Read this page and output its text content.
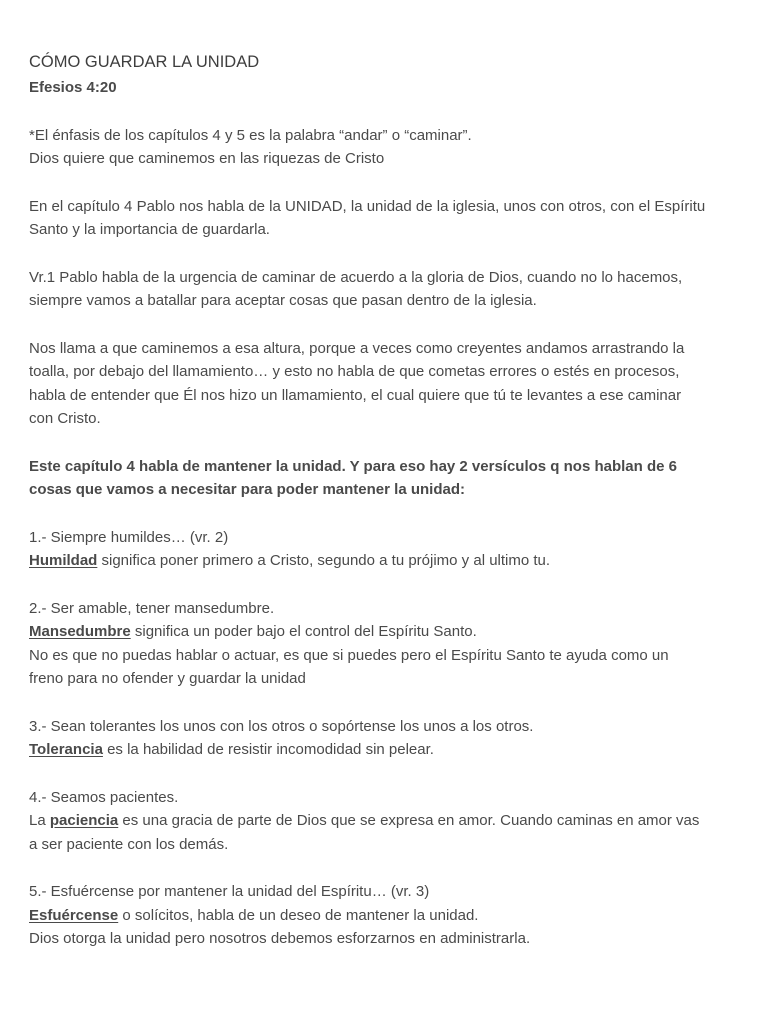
CÓMO GUARDAR LA UNIDAD

Efesios 4:20

*El énfasis de los capítulos 4 y 5 es la palabra “andar” o “caminar”.
Dios quiere que caminemos en las riquezas de Cristo

En el capítulo 4 Pablo nos habla de la UNIDAD, la unidad de la iglesia, unos con otros, con el Espíritu
Santo y la importancia de guardarla.

Vr.1 Pablo habla de la urgencia de caminar de acuerdo a la gloria de Dios, cuando no lo hacemos,
siempre vamos a batallar para aceptar cosas que pasan dentro de la iglesia.

Nos llama a que caminemos a esa altura, porque a veces como creyentes andamos arrastrando la
toalla, por debajo del llamamiento… y esto no habla de que cometas errores o estés en procesos,
habla de entender que Él nos hizo un llamamiento, el cual quiere que tú te levantes a ese caminar
con Cristo.

Este capítulo 4 habla de mantener la unidad. Y para eso hay 2 versículos q nos hablan de 6
cosas que vamos a necesitar para poder mantener la unidad:

1.- Siempre humildes… (vr. 2)
Humildad significa poner primero a Cristo, segundo a tu prójimo y al ultimo tu.
2.- Ser amable, tener mansedumbre.
Mansedumbre significa un poder bajo el control del Espíritu Santo.
No es que no puedas hablar o actuar, es que si puedes pero el Espíritu Santo te ayuda como un
freno para no ofender y guardar la unidad
3.- Sean tolerantes los unos con los otros o sopórtense los unos a los otros.
Tolerancia es la habilidad de resistir incomodidad sin pelear.
4.- Seamos pacientes.
La paciencia es una gracia de parte de Dios que se expresa en amor. Cuando caminas en amor vas
a ser paciente con los demás.
5.- Esfuércense por mantener la unidad del Espíritu… (vr. 3)
Esfuércense o solícitos, habla de un deseo de mantener la unidad.
Dios otorga la unidad pero nosotros debemos esforzarnos en administrarla.
